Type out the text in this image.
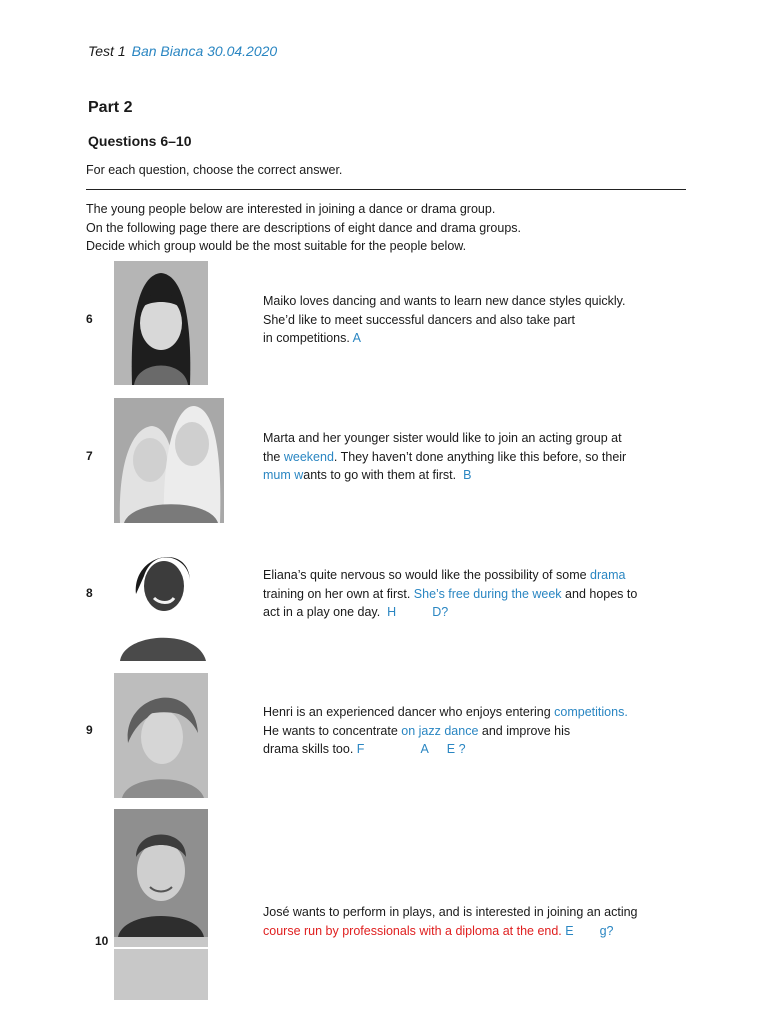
Test 1 Ban Bianca 30.04.2020
Part 2
Questions 6–10
For each question, choose the correct answer.
The young people below are interested in joining a dance or drama group.
On the following page there are descriptions of eight dance and drama groups.
Decide which group would be the most suitable for the people below.
6
Maiko loves dancing and wants to learn new dance styles quickly.
She’d like to meet successful dancers and also take part
in competitions. A
7
Marta and her younger sister would like to join an acting group at
the weekend. They haven’t done anything like this before, so their
mum wants to go with them at first. B
8
Eliana’s quite nervous so would like the possibility of some drama
training on her own at first. She’s free during the week and hopes to
act in a play one day. H	D?
9
Henri is an experienced dancer who enjoys entering competitions.
He wants to concentrate on jazz dance and improve his
drama skills too. F	A E ?
10
José wants to perform in plays, and is interested in joining an acting
course run by professionals with a diploma at the end. E g?
